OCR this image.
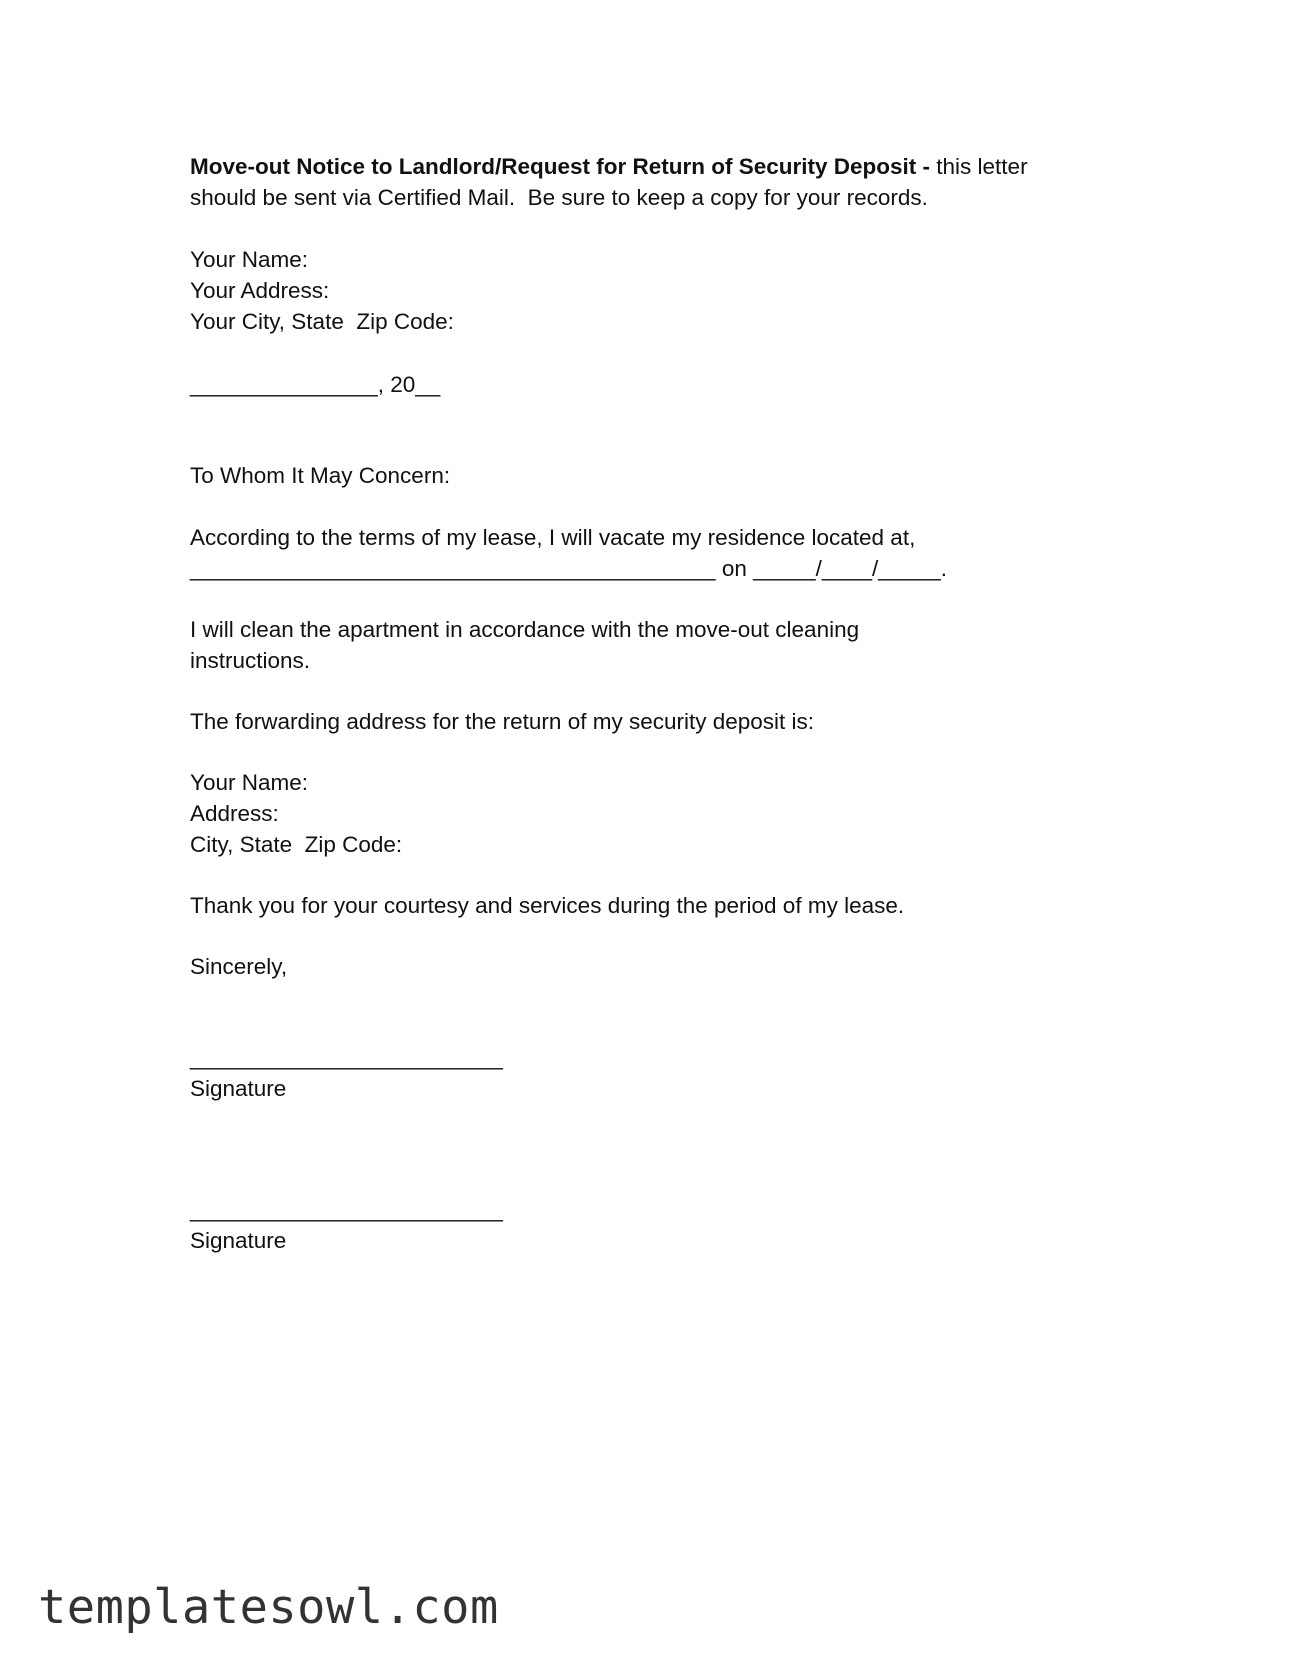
Move-out Notice to Landlord/Request for Return of Security Deposit - this letter
should be sent via Certified Mail.  Be sure to keep a copy for your records.
Your Name:
Your Address:
Your City, State  Zip Code:
_______________, 20__
To Whom It May Concern:
According to the terms of my lease, I will vacate my residence located at,
__________________________________________ on _____/____/_____.
I will clean the apartment in accordance with the move-out cleaning
instructions.
The forwarding address for the return of my security deposit is:
Your Name:
Address:
City, State  Zip Code:
Thank you for your courtesy and services during the period of my lease.
Sincerely,
_________________________
Signature
_________________________
Signature
templatesowl.com
